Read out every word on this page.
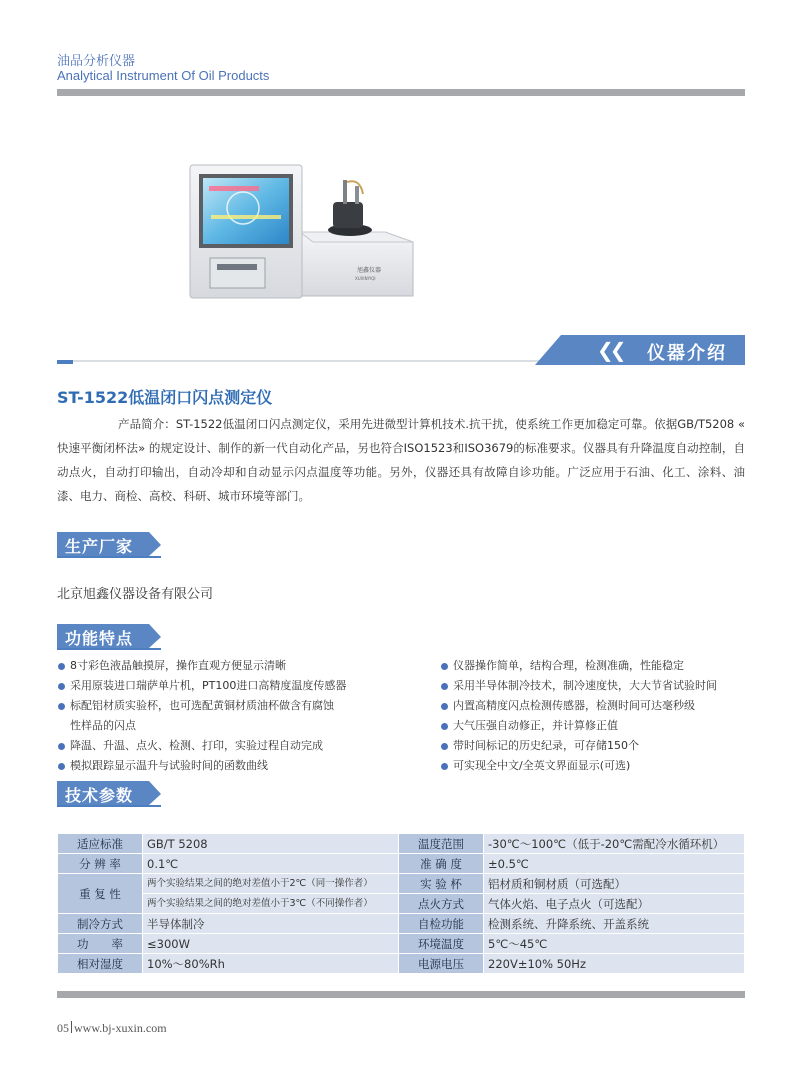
油品分析仪器
Analytical Instrument Of Oil Products
旭鑫仪器
XUXINYIQI
❮❮ 仪器介绍
ST-1522低温闭口闪点测定仪

产品简介：ST-1522低温闭口闪点测定仪，采用先进微型计算机技术.抗干扰，使系统工作更加稳定可靠。依据GB/T5208 « 快速平衡闭杯法» 的规定设计、制作的新一代自动化产品，另也符合ISO1523和ISO3679的标准要求。仪器具有升降温度自动控制，自动点火，自动打印输出，自动冷却和自动显示闪点温度等功能。另外，仪器还具有故障自诊功能。广泛应用于石油、化工、涂料、油漆、电力、商检、高校、科研、城市环境等部门。

生产厂家
北京旭鑫仪器设备有限公司
功能特点
8寸彩色液晶触摸屏，操作直观方便显示清晰
采用原装进口瑞萨单片机，PT100进口高精度温度传感器
标配铝材质实验杯，也可选配黄铜材质油杯做含有腐蚀
性样品的闪点
降温、升温、点火、检测、打印，实验过程自动完成
模拟跟踪显示温升与试验时间的函数曲线
仪器操作简单，结构合理，检测准确，性能稳定
采用半导体制冷技术，制冷速度快，大大节省试验时间
内置高精度闪点检测传感器，检测时间可达毫秒级
大气压强自动修正，并计算修正值
带时间标记的历史纪录，可存储150个
可实现全中文/全英文界面显示(可选)
技术参数
适应标准	GB/T 5208	温度范围	-30℃～100℃（低于-20℃需配冷水循环机）
分 辨 率	0.1℃	准 确 度	±0.5℃
重 复 性	两个实验结果之间的绝对差值小于2℃（同一操作者）	实 验 杯	铝材质和铜材质（可选配）
	两个实验结果之间的绝对差值小于3℃（不同操作者）	点火方式	气体火焰、电子点火（可选配）
制冷方式	半导体制冷	自检功能	检测系统、升降系统、开盖系统
功　　率	≤300W	环境温度	5℃～45℃
相对湿度	10%～80%Rh	电源电压	220V±10% 50Hz
05 www.bj-xuxin.com
